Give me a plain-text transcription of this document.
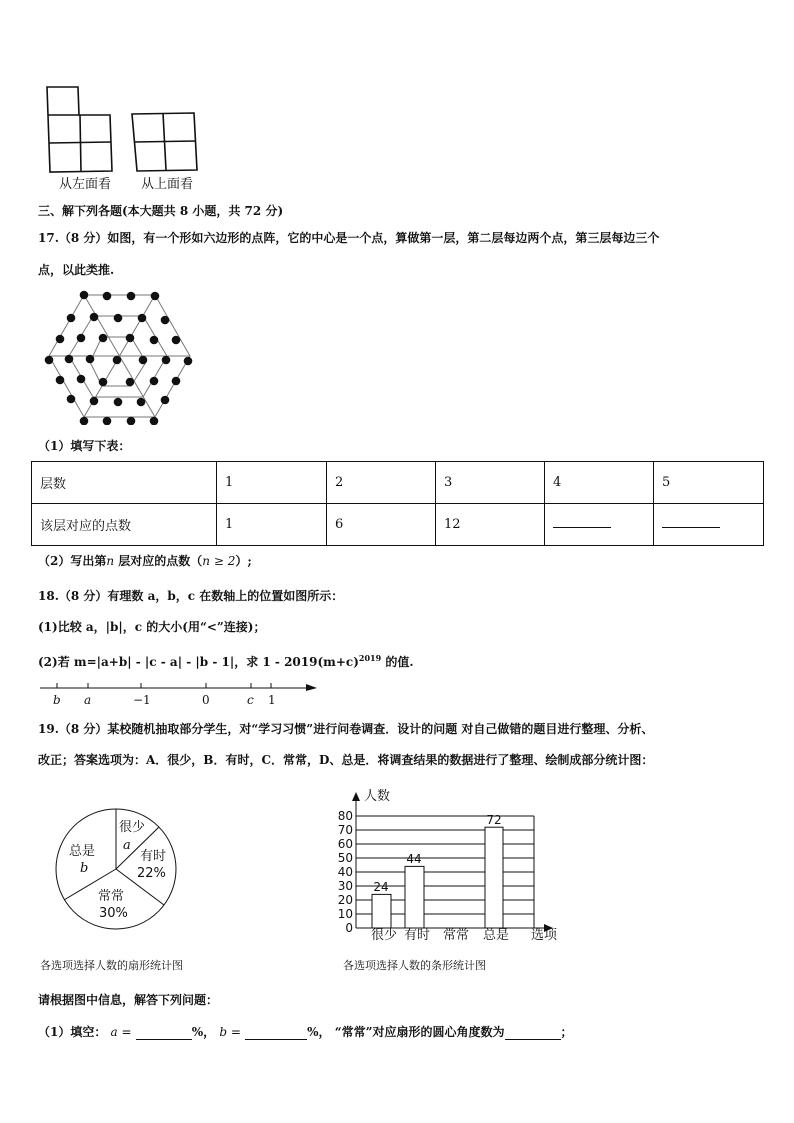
从左面看 从上面看
三、解下列各题(本大题共 8 小题，共 72 分)
17.（8 分）如图，有一个形如六边形的点阵，它的中心是一个点，算做第一层，第二层每边两个点，第三层每边三个
点，以此类推.
（1）填写下表：
层数	1	2	3	4	5
该层对应的点数	1	6	12		
（2）写出第n 层对应的点数（n ≥ 2）;
18.（8 分）有理数 a，b，c 在数轴上的位置如图所示：
(1)比较 a，|b|，c 的大小(用“<”连接)；
(2)若 m=|a+b| - |c - a| - |b - 1|，求 $1 - 2019(m+c)^{2019}$ 的值.
b a	−1	0	c 1
19.（8 分）某校随机抽取部分学生，对“学习习惯”进行问卷调查．设计的问题 对自己做错的题目进行整理、分析、
改正；答案选项为：A．很少，B．有时，C．常常，D、总是．将调查结果的数据进行了整理、绘制成部分统计图：
很少
a
有时
22%
常常
30%
总是
b
各选项选择人数的扇形统计图
80
70
60
50
40
30
20
10
0
24
44
72
人数
很少 有时 常常 总是 选项
各选项选择人数的条形统计图
请根据图中信息，解答下列问题：
（1）填空： a =	%， b =	%， “常常”对应扇形的圆心角度数为	；
